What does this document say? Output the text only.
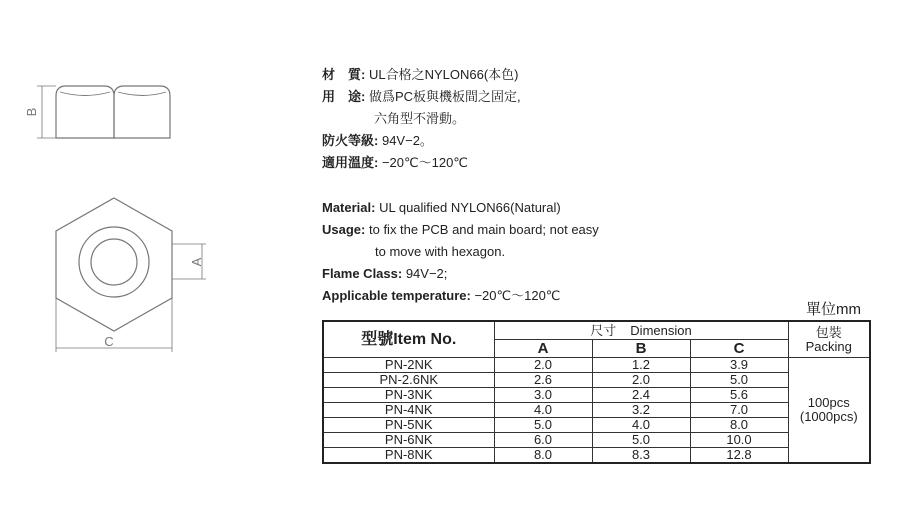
B
A
C
材　質: UL合格之NYLON66(本色)
用　途: 做爲PC板與機板間之固定,
六角型不滑動。
防火等級: 94V−2。
適用溫度: −20℃～120℃
Material: UL qualified NYLON66(Natural)
Usage: to fix the PCB and main board; not easy
to move with hexagon.
Flame Class: 94V−2;
Applicable temperature: −20℃～120℃
單位mm
型號Item No.	尺寸 Dimension			包裝
Packing

	A	B	C	
PN-2NK	2.0	1.2	3.9	100pcs
(1000pcs)

PN-2.6NK	2.6	2.0	5.0	
PN-3NK	3.0	2.4	5.6	
PN-4NK	4.0	3.2	7.0	
PN-5NK	5.0	4.0	8.0	
PN-6NK	6.0	5.0	10.0	
PN-8NK	8.0	8.3	12.8	
